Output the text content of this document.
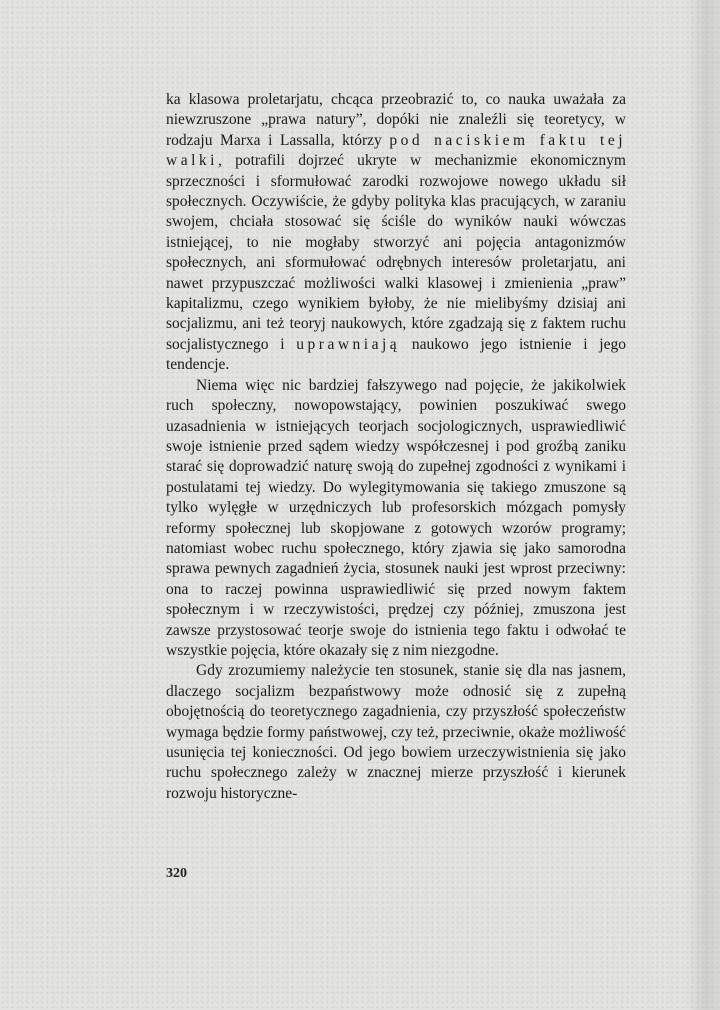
ka klasowa proletarjatu, chcąca przeobrazić to, co nauka uważała za niewzruszone „prawa natury”, dopóki nie znaleźli się teoretycy, w rodzaju Marxa i Lassalla, którzy pod naciskiem faktu tej walki, potrafili dojrzeć ukryte w mechanizmie ekonomicznym sprzeczności i sformułować zarodki rozwojowe nowego układu sił społecznych. Oczywiście, że gdyby polityka klas pracujących, w zaraniu swojem, chciała stosować się ściśle do wyników nauki wówczas istniejącej, to nie mogłaby stworzyć ani pojęcia antagonizmów społecznych, ani sformułować odrębnych interesów proletarjatu, ani nawet przypuszczać możliwości walki klasowej i zmienienia „praw” kapitalizmu, czego wynikiem byłoby, że nie mielibyśmy dzisiaj ani socjalizmu, ani też teoryj naukowych, które zgadzają się z faktem ruchu socjalistycznego i uprawniają naukowo jego istnienie i jego tendencje.

Niema więc nic bardziej fałszywego nad pojęcie, że jakikolwiek ruch społeczny, nowopowstający, powinien poszukiwać swego uzasadnienia w istniejących teorjach socjologicznych, usprawiedliwić swoje istnienie przed sądem wiedzy współczesnej i pod groźbą zaniku starać się doprowadzić naturę swoją do zupełnej zgodności z wynikami i postulatami tej wiedzy. Do wylegitymowania się takiego zmuszone są tylko wylęgłe w urzędniczych lub profesorskich mózgach pomysły reformy społecznej lub skopjowane z gotowych wzorów programy; natomiast wobec ruchu społecznego, który zjawia się jako samorodna sprawa pewnych zagadnień życia, stosunek nauki jest wprost przeciwny: ona to raczej powinna usprawiedliwić się przed nowym faktem społecznym i w rzeczywistości, prędzej czy później, zmuszona jest zawsze przystosować teorje swoje do istnienia tego faktu i odwołać te wszystkie pojęcia, które okazały się z nim niezgodne.

Gdy zrozumiemy należycie ten stosunek, stanie się dla nas jasnem, dlaczego socjalizm bezpaństwowy może odnosić się z zupełną obojętnością do teoretycznego zagadnienia, czy przyszłość społeczeństw wymaga będzie formy państwowej, czy też, przeciwnie, okaże możliwość usunięcia tej konieczności. Od jego bowiem urzeczywistnienia się jako ruchu społecznego zależy w znacznej mierze przyszłość i kierunek rozwoju historyczne-

320
